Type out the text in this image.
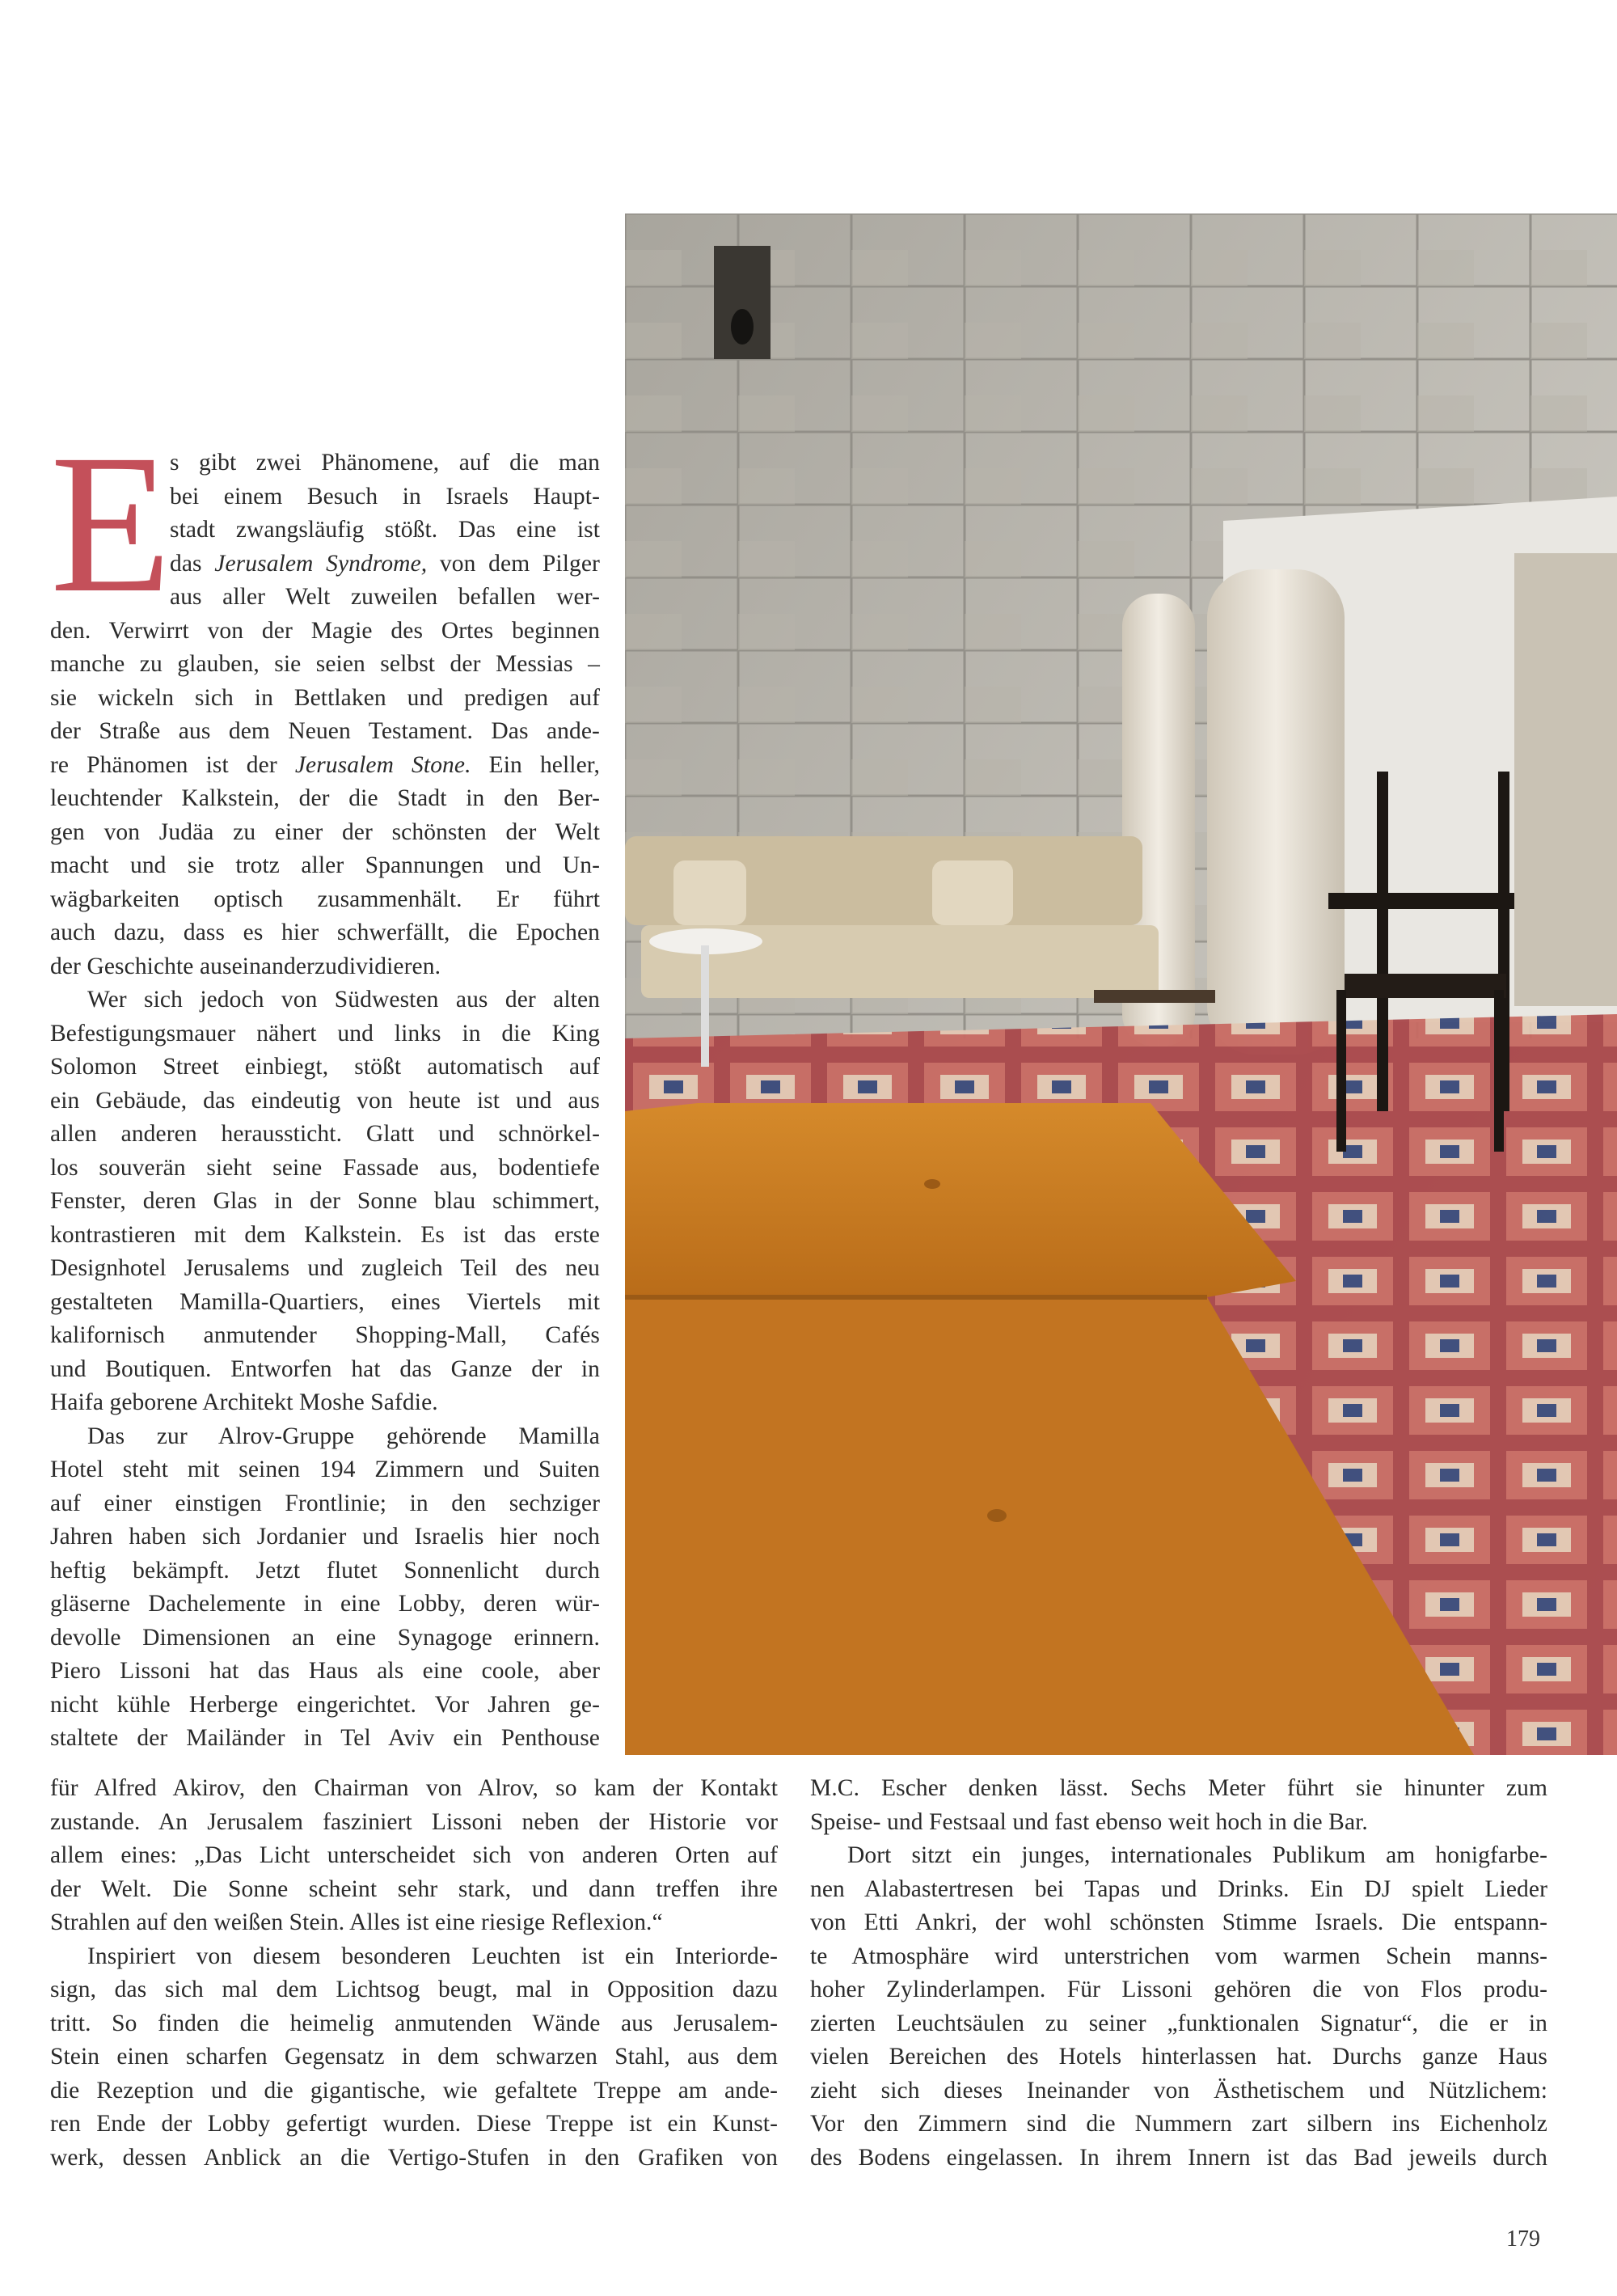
E
s gibt zwei Phänomene, auf die man
bei einem Besuch in Israels Haupt-
stadt zwangsläufig stößt. Das eine ist
das Jerusalem Syndrome, von dem Pilger
aus aller Welt zuweilen befallen wer-
den. Verwirrt von der Magie des Ortes beginnen
manche zu glauben, sie seien selbst der Messias –
sie wickeln sich in Bettlaken und predigen auf
der Straße aus dem Neuen Testament. Das ande-
re Phänomen ist der Jerusalem Stone. Ein heller,
leuchtender Kalkstein, der die Stadt in den Ber-
gen von Judäa zu einer der schönsten der Welt
macht und sie trotz aller Spannungen und Un-
wägbarkeiten optisch zusammenhält. Er führt
auch dazu, dass es hier schwerfällt, die Epochen
der Geschichte auseinanderzudividieren.
Wer sich jedoch von Südwesten aus der alten
Befestigungsmauer nähert und links in die King
Solomon Street einbiegt, stößt automatisch auf
ein Gebäude, das eindeutig von heute ist und aus
allen anderen heraussticht. Glatt und schnörkel-
los souverän sieht seine Fassade aus, bodentiefe
Fenster, deren Glas in der Sonne blau schimmert,
kontrastieren mit dem Kalkstein. Es ist das erste
Designhotel Jerusalems und zugleich Teil des neu
gestalteten Mamilla-Quartiers, eines Viertels mit
kalifornisch anmutender Shopping-Mall, Cafés
und Boutiquen. Entworfen hat das Ganze der in
Haifa geborene Architekt Moshe Safdie.
Das zur Alrov-Gruppe gehörende Mamilla
Hotel steht mit seinen 194 Zimmern und Suiten
auf einer einstigen Frontlinie; in den sechziger
Jahren haben sich Jordanier und Israelis hier noch
heftig bekämpft. Jetzt flutet Sonnenlicht durch
gläserne Dachelemente in eine Lobby, deren wür-
devolle Dimensionen an eine Synagoge erinnern.
Piero Lissoni hat das Haus als eine coole, aber
nicht kühle Herberge eingerichtet. Vor Jahren ge-
staltete der Mailänder in Tel Aviv ein Penthouse
für Alfred Akirov, den Chairman von Alrov, so kam der Kontakt
zustande. An Jerusalem fasziniert Lissoni neben der Historie vor
allem eines: „Das Licht unterscheidet sich von anderen Orten auf
der Welt. Die Sonne scheint sehr stark, und dann treffen ihre
Strahlen auf den weißen Stein. Alles ist eine riesige Reflexion.“
Inspiriert von diesem besonderen Leuchten ist ein Interiorde-
sign, das sich mal dem Lichtsog beugt, mal in Opposition dazu
tritt. So finden die heimelig anmutenden Wände aus Jerusalem-
Stein einen scharfen Gegensatz in dem schwarzen Stahl, aus dem
die Rezeption und die gigantische, wie gefaltete Treppe am ande-
ren Ende der Lobby gefertigt wurden. Diese Treppe ist ein Kunst-
werk, dessen Anblick an die Vertigo-Stufen in den Grafiken von
M.C. Escher denken lässt. Sechs Meter führt sie hinunter zum
Speise- und Festsaal und fast ebenso weit hoch in die Bar.
Dort sitzt ein junges, internationales Publikum am honigfarbe-
nen Alabastertresen bei Tapas und Drinks. Ein DJ spielt Lieder
von Etti Ankri, der wohl schönsten Stimme Israels. Die entspann-
te Atmosphäre wird unterstrichen vom warmen Schein manns-
hoher Zylinderlampen. Für Lissoni gehören die von Flos produ-
zierten Leuchtsäulen zu seiner „funktionalen Signatur“, die er in
vielen Bereichen des Hotels hinterlassen hat. Durchs ganze Haus
zieht sich dieses Ineinander von Ästhetischem und Nützlichem:
Vor den Zimmern sind die Nummern zart silbern ins Eichenholz
des Bodens eingelassen. In ihrem Innern ist das Bad jeweils durch
179
